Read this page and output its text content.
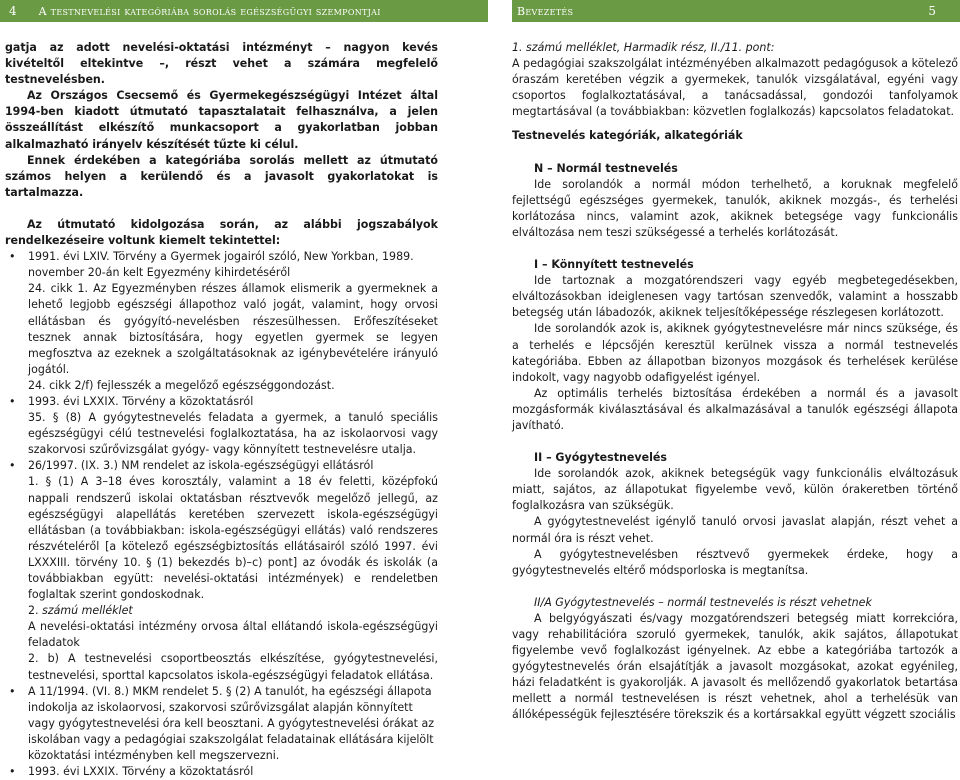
4 A testnevelési kategóriába sorolás egészségügyi szempontjai	Bevezetés	5

gatja az adott nevelési-oktatási intézményt – nagyon kevés kivételtől eltekintve –, részt vehet a számára megfelelő testnevelésben.

Az Országos Csecsemő és Gyermekegészségügyi Intézet által 1994-ben kiadott útmutató tapasztalatait felhasználva, a jelen összeállítást elkészítő munkacsoport a gyakorlatban jobban alkalmazható irányelv készítését tűzte ki célul.

Ennek érdekében a kategóriába sorolás mellett az útmutató számos helyen a kerülendő és a javasolt gyakorlatokat is tartalmazza.

Az útmutató kidolgozása során, az alábbi jogszabályok rendelkezéseire voltunk kiemelt tekintettel:

• 1991. évi LXIV. Törvény a Gyermek jogairól szóló, New Yorkban, 1989. november 20-án kelt Egyezmény kihirdetéséről

24. cikk 1. Az Egyezményben részes államok elismerik a gyermeknek a lehető legjobb egészségi állapothoz való jogát, valamint, hogy orvosi ellátásban és gyógyító-nevelésben részesülhessen. Erőfeszítéseket tesznek annak biztosítására, hogy egyetlen gyermek se legyen megfosztva az ezeknek a szolgáltatásoknak az igénybevételére irányuló jogától.

24. cikk 2/f) fejlesszék a megelőző egészséggondozást.

• 1993. évi LXXIX. Törvény a közoktatásról

35. § (8) A gyógytestnevelés feladata a gyermek, a tanuló speciális egészségügyi célú testnevelési foglalkoztatása, ha az iskolaorvosi vagy szakorvosi szűrővizsgálat gyógy- vagy könnyített testnevelésre utalja.

• 26/1997. (IX. 3.) NM rendelet az iskola-egészségügyi ellátásról

1. § (1) A 3–18 éves korosztály, valamint a 18 év feletti, középfokú nappali rendszerű iskolai oktatásban résztvevők megelőző jellegű, az egészségügyi alapellátás keretében szervezett iskola-egészségügyi ellátásban (a továbbiakban: iskola-egészségügyi ellátás) való rendszeres részvételéről [a kötelező egészségbiztosítás ellátásairól szóló 1997. évi LXXXIII. törvény 10. § (1) bekezdés b)–c) pont] az óvodák és iskolák (a továbbiakban együtt: nevelési-oktatási intézmények) e rendeletben foglaltak szerint gondoskodnak.

2. számú melléklet

A nevelési-oktatási intézmény orvosa által ellátandó iskola-egészségügyi feladatok

2. b) A testnevelési csoportbeosztás elkészítése, gyógytestnevelési, testnevelési, sporttal kapcsolatos iskola-egészségügyi feladatok ellátása.

• A 11/1994. (VI. 8.) MKM rendelet 5. § (2) A tanulót, ha egészségi állapota indokolja az iskolaorvosi, szakorvosi szűrővizsgálat alapján könnyített vagy gyógytestnevelési óra kell beosztani. A gyógytestnevelési órákat az iskolában vagy a pedagógiai szakszolgálat feladatainak ellátására kijelölt közoktatási intézményben kell megszervezni.

• 1993. évi LXXIX. Törvény a közoktatásról

1. számú melléklet, Harmadik rész, II./11. pont:

A pedagógiai szakszolgálat intézményében alkalmazott pedagógusok a kötelező óraszám keretében végzik a gyermekek, tanulók vizsgálatával, egyéni vagy csoportos foglalkoztatásával, a tanácsadással, gondozói tanfolyamok megtartásával (a továbbiakban: közvetlen foglalkozás) kapcsolatos feladatokat.

Testnevelés kategóriák, alkategóriák

N – Normál testnevelés

Ide sorolandók a normál módon terhelhető, a koruknak megfelelő fejlettségű egészséges gyermekek, tanulók, akiknek mozgás-, és terhelési korlátozása nincs, valamint azok, akiknek betegsége vagy funkcionális elváltozása nem teszi szükségessé a terhelés korlátozását.

I – Könnyített testnevelés

Ide tartoznak a mozgatórendszeri vagy egyéb megbetegedésekben, elváltozásokban ideiglenesen vagy tartósan szenvedők, valamint a hosszabb betegség után lábadozók, akiknek teljesítőképessége részlegesen korlátozott.

Ide sorolandók azok is, akiknek gyógytestnevelésre már nincs szüksége, és a terhelés e lépcsőjén keresztül kerülnek vissza a normál testnevelés kategóriába. Ebben az állapotban bizonyos mozgások és terhelések kerülése indokolt, vagy nagyobb odafigyelést igényel.

Az optimális terhelés biztosítása érdekében a normál és a javasolt mozgásformák kiválasztásával és alkalmazásával a tanulók egészségi állapota javítható.

II – Gyógytestnevelés

Ide sorolandók azok, akiknek betegségük vagy funkcionális elváltozásuk miatt, sajátos, az állapotukat figyelembe vevő, külön órakeretben történő foglalkozásra van szükségük.

A gyógytestnevelést igénylő tanuló orvosi javaslat alapján, részt vehet a normál óra is részt vehet.

A gyógytestnevelésben résztvevő gyermekek érdeke, hogy a gyógytestnevelés eltérő módsporloska is megtanítsa.

II/A Gyógytestnevelés – normál testnevelés is részt vehetnek

A belgyógyászati és/vagy mozgatórendszeri betegség miatt korrekcióra, vagy rehabilitációra szoruló gyermekek, tanulók, akik sajátos, állapotukat figyelembe vevő foglalkozást igényelnek. Az ebbe a kategóriába tartozók a gyógytestnevelés órán elsajátítják a javasolt mozgásokat, azokat egyénileg, házi feladatként is gyakorolják. A javasolt és mellőzendő gyakorlatok betartása mellett a normál testnevelésen is részt vehetnek, ahol a terhelésük van állóképességük fejlesztésére törekszik és a kortársakkal együtt végzett szociális
